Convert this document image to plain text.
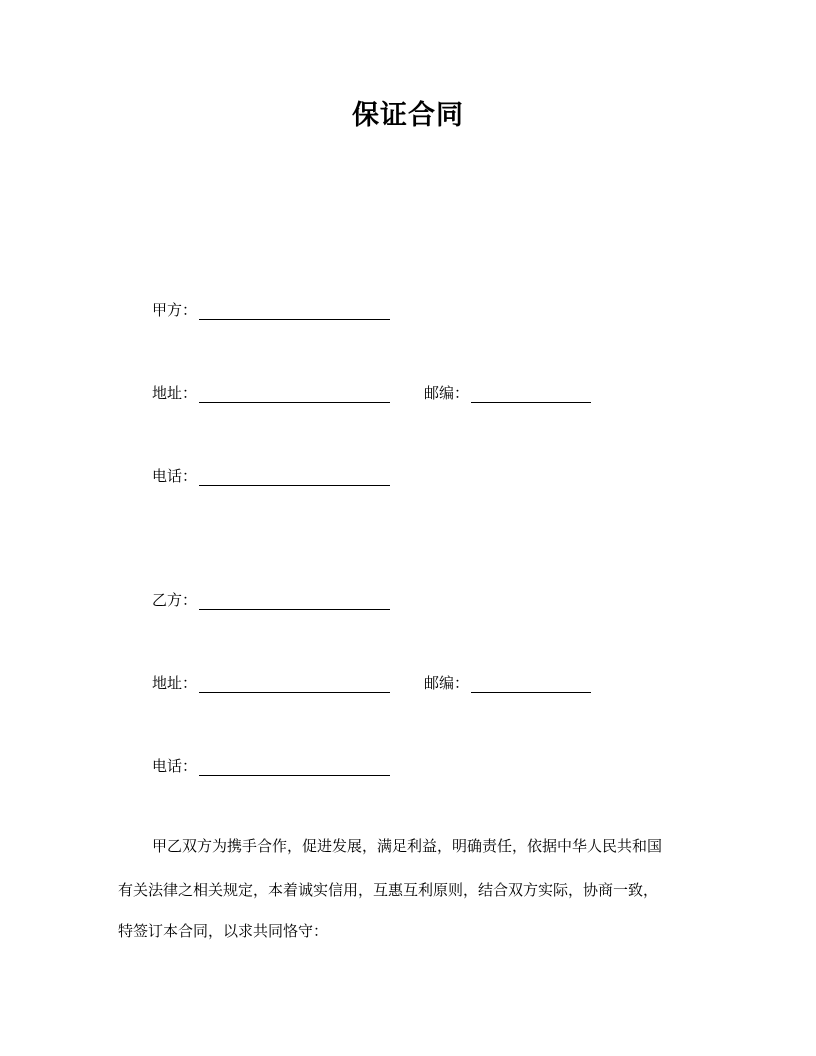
保证合同
甲方：
地址：	邮编：
电话：
乙方：
地址：	邮编：
电话：
甲乙双方为携手合作，促进发展，满足利益，明确责任，依据中华人民共和国
有关法律之相关规定，本着诚实信用，互惠互利原则，结合双方实际，协商一致，
特签订本合同，以求共同恪守：
